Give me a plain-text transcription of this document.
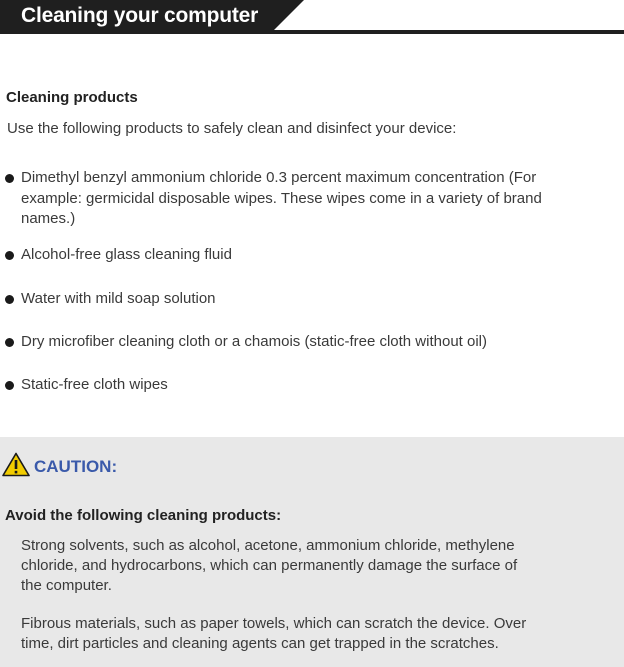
Cleaning your computer
Cleaning products
Use the following products to safely clean and disinfect your device:
Dimethyl benzyl ammonium chloride 0.3 percent maximum concentration (For example: germicidal disposable wipes. These wipes come in a variety of brand names.)
Alcohol-free glass cleaning fluid
Water with mild soap solution
Dry microfiber cleaning cloth or a chamois (static-free cloth without oil)
Static-free cloth wipes
CAUTION:
Avoid the following cleaning products:
Strong solvents, such as alcohol, acetone, ammonium chloride, methylene chloride, and hydrocarbons, which can permanently damage the surface of the computer.
Fibrous materials, such as paper towels, which can scratch the device. Over time, dirt particles and cleaning agents can get trapped in the scratches.
